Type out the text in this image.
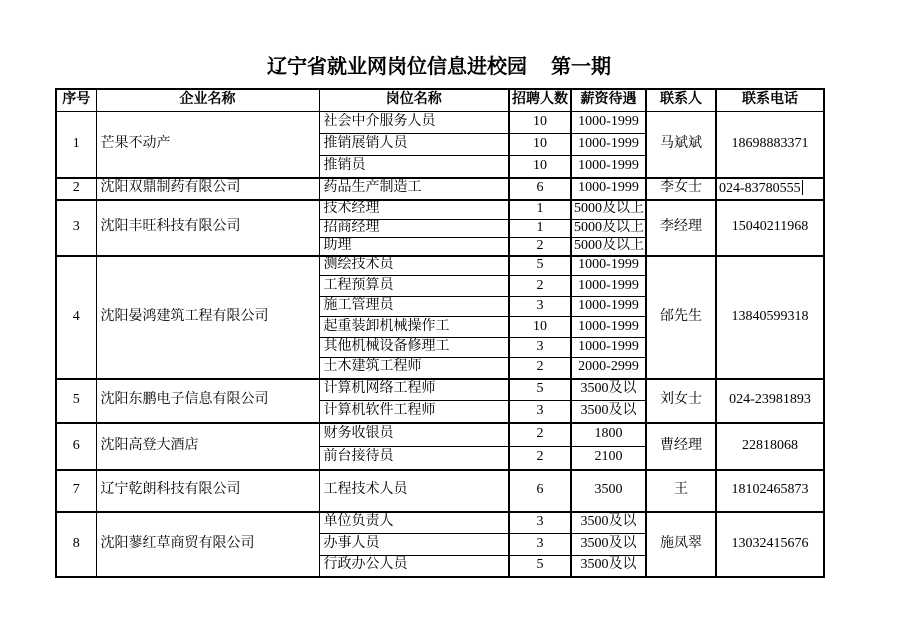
辽宁省就业网岗位信息进校园 第一期
序号	企业名称	岗位名称	招聘人数	薪资待遇	联系人	联系电话
1	芒果不动产	社会中介服务人员	10	1000-1999	马斌斌	18698883371
		推销展销人员	10	1000-1999		
		推销员	10	1000-1999		
2	沈阳双鼎制药有限公司	药品生产制造工	6	1000-1999	李女士	024-83780555
3	沈阳丰旺科技有限公司	技术经理	1	5000及以上	李经理	15040211968
		招商经理	1	5000及以上		
		助理	2	5000及以上		
4	沈阳晏鸿建筑工程有限公司	测绘技术员	5	1000-1999	邰先生	13840599318
		工程预算员	2	1000-1999		
		施工管理员	3	1000-1999		
		起重装卸机械操作工	10	1000-1999		
		其他机械设备修理工	3	1000-1999		
		土木建筑工程师	2	2000-2999		
5	沈阳东鹏电子信息有限公司	计算机网络工程师	5	3500及以	刘女士	024-23981893
		计算机软件工程师	3	3500及以		
6	沈阳高登大酒店	财务收银员	2	1800	曹经理	22818068
		前台接待员	2	2100		
7	辽宁乾朗科技有限公司	工程技术人员	6	3500	王	18102465873
8	沈阳蓼红草商贸有限公司	单位负责人	3	3500及以	施凤翠	13032415676
		办事人员	3	3500及以		
		行政办公人员	5	3500及以		
